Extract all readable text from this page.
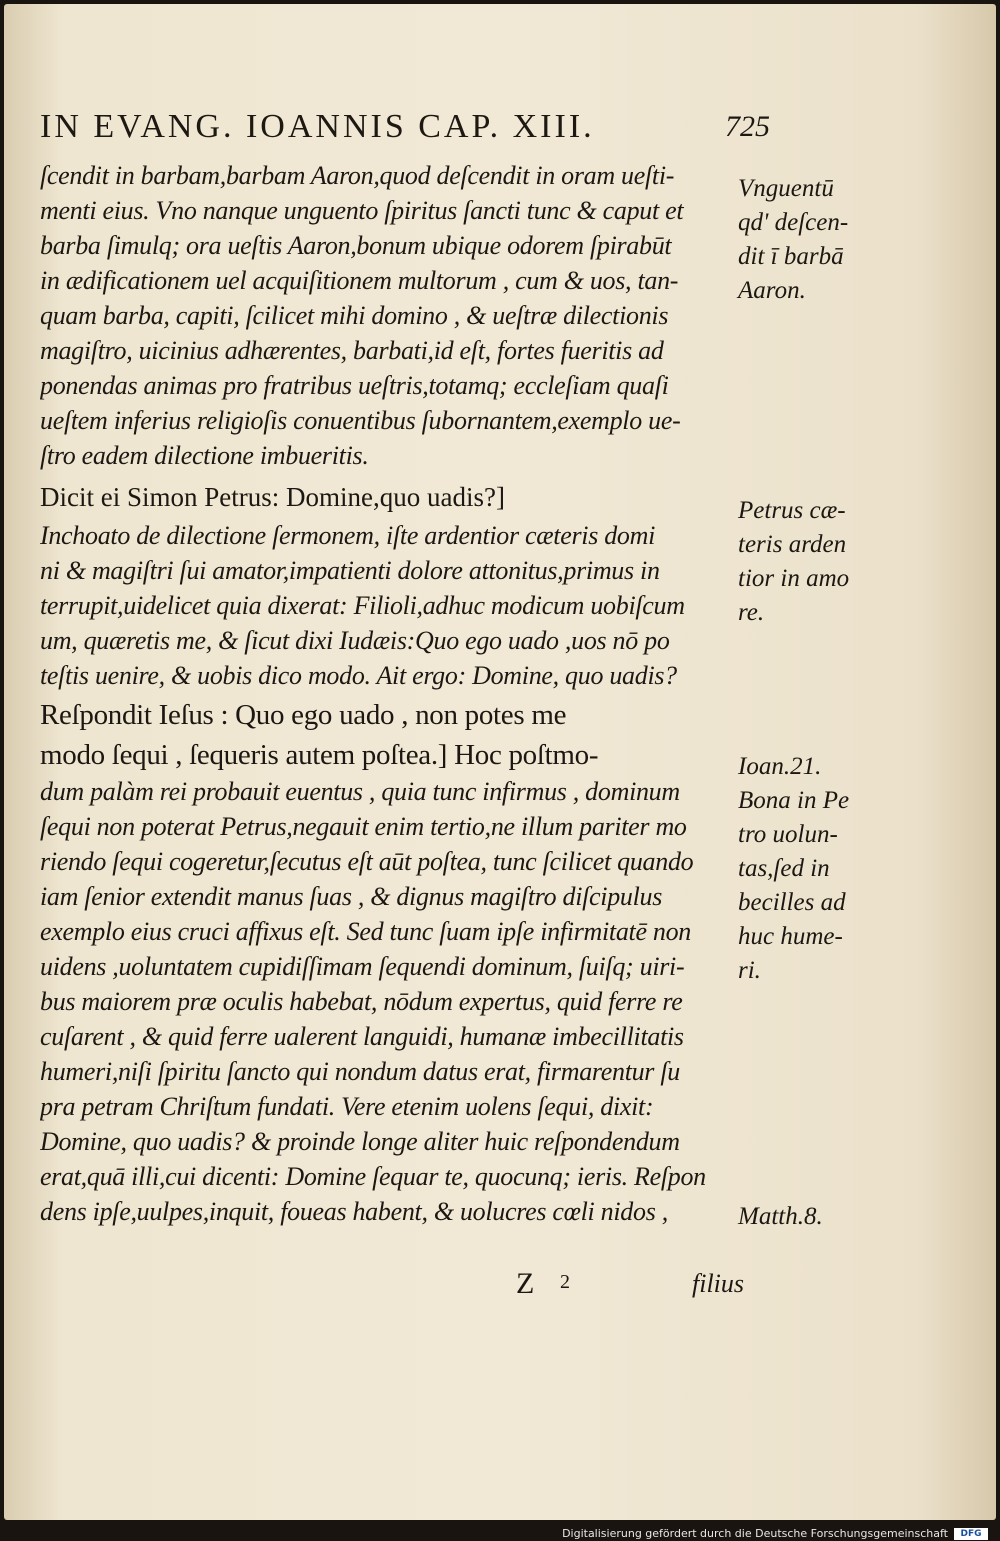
IN EVANG. IOANNIS CAP. XIII.	725
ſcendit in barbam,barbam Aaron,quod deſcendit in oram ueſti-
menti eius. Vno nanque unguento ſpiritus ſancti tunc & caput et
barba ſimulq; ora ueſtis Aaron,bonum ubique odorem ſpirabūt
in ædificationem uel acquiſitionem multorum , cum & uos, tan-
quam barba, capiti, ſcilicet mihi domino , & ueſtræ dilectionis
magiſtro, uicinius adhærentes, barbati,id eſt, fortes fueritis ad
ponendas animas pro fratribus ueſtris,totamq; eccleſiam quaſi
ueſtem inferius religioſis conuentibus ſubornantem,exemplo ue-
ſtro eadem dilectione imbueritis.
Dicit ei Simon Petrus: Domine,quo uadis?]
Inchoato de dilectione ſermonem, iſte ardentior cæteris domi
ni & magiſtri ſui amator,impatienti dolore attonitus,primus in
terrupit,uidelicet quia dixerat: Filioli,adhuc modicum uobiſcum
um, quæretis me, & ſicut dixi Iudæis:Quo ego uado ,uos nō po
teſtis uenire, & uobis dico modo. Ait ergo: Domine, quo uadis?
Reſpondit Ieſus : Quo ego uado , non potes me
modo ſequi , ſequeris autem poſtea.] Hoc poſtmo-
dum palàm rei probauit euentus , quia tunc infirmus , dominum
ſequi non poterat Petrus,negauit enim tertio,ne illum pariter mo
riendo ſequi cogeretur,ſecutus eſt aūt poſtea, tunc ſcilicet quando
iam ſenior extendit manus ſuas , & dignus magiſtro diſcipulus
exemplo eius cruci affixus eſt. Sed tunc ſuam ipſe infirmitatē non
uidens ,uoluntatem cupidiſſimam ſequendi dominum, ſuiſq; uiri-
bus maiorem præ oculis habebat, nōdum expertus, quid ferre re
cuſarent , & quid ferre ualerent languidi, humanæ imbecillitatis
humeri,niſi ſpiritu ſancto qui nondum datus erat, firmarentur ſu
pra petram Chriſtum fundati. Vere etenim uolens ſequi, dixit:
Domine, quo uadis? & proinde longe aliter huic reſpondendum
erat,quā illi,cui dicenti: Domine ſequar te, quocunq; ieris. Reſpon
dens ipſe,uulpes,inquit, foueas habent, & uolucres cœli nidos ,
Vnguentū
qd' deſcen-
dit ī barbā
Aaron.
Petrus cæ-
teris arden
tior in amo
re.
Ioan.21.
Bona in Pe
tro uolun-
tas,ſed in
becilles ad
huc hume-
ri.
Matth.8.
Z 2	filius
Digitalisierung gefördert durch die Deutsche Forschungsgemeinschaft	DFG
